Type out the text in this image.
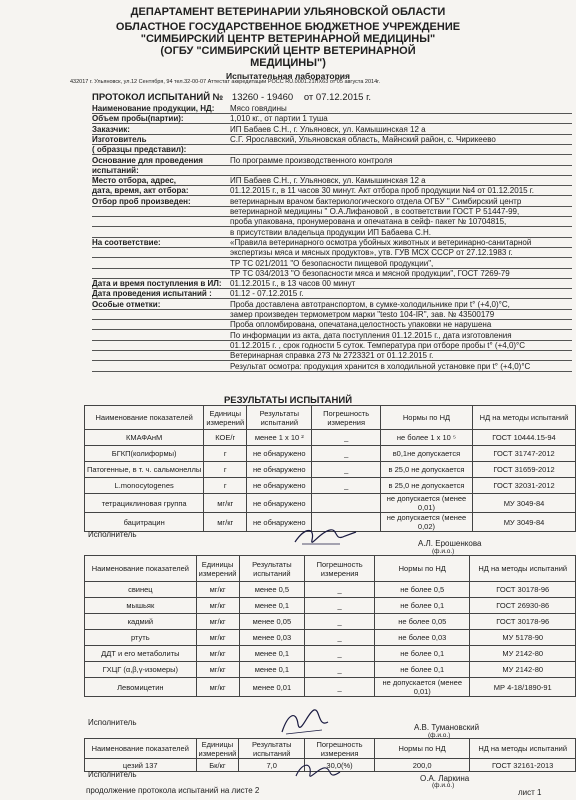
ДЕПАРТАМЕНТ ВЕТЕРИНАРИИ УЛЬЯНОВСКОЙ ОБЛАСТИ
ОБЛАСТНОЕ ГОСУДАРСТВЕННОЕ БЮДЖЕТНОЕ УЧРЕЖДЕНИЕ
"СИМБИРСКИЙ ЦЕНТР ВЕТЕРИНАРНОЙ МЕДИЦИНЫ"
(ОГБУ "СИМБИРСКИЙ ЦЕНТР ВЕТЕРИНАРНОЙ
МЕДИЦИНЫ")
Испытательная лаборатория
432017 г. Ульяновск, ул.12 Сентября, 94 тел.32-00-07 Аттестат аккредитации РОСС RU.0001.21ПХ63 от 05 августа 2014г.
ПРОТОКОЛ ИСПЫТАНИЙ № 13260 - 19460 от 07.12.2015 г.
Наименование продукции, НД: Мясо говядины
Объем пробы(партии):	1,010 кг., от партии 1 туша
Заказчик:	ИП Бабаев С.Н., г. Ульяновск, ул. Камышинская 12 а
Изготовитель	С.Г. Ярославский, Ульяновская область, Майнский район, с. Чирикеево
( образцы представил):
Основание для проведения	По программе производственного контроля
испытаний:
Место отбора, адрес,	ИП Бабаев С.Н., г. Ульяновск, ул. Камышинская 12 а
дата, время, акт отбора:	01.12.2015 г., в 11 часов 30 минут. Акт отбора проб продукции №4 от 01.12.2015 г.
Отбор проб произведен:	ветеринарным врачом бактериологического отдела ОГБУ " Симбирский центр
ветеринарной медицины " О.А.Лифановой , в соответствии ГОСТ Р 51447-99,
проба упакована, пронумерована и опечатана в сейф- пакет № 10704815,
в присутствии владельца продукции ИП Бабаева С.Н.
На соответствие:	«Правила ветеринарного осмотра убойных животных и ветеринарно-санитарной
экспертизы мяса и мясных продуктов», утв. ГУВ МСХ СССР от 27.12.1983 г.
ТР ТС 021/2011 "О безопасности пищевой продукции",
ТР ТС 034/2013 "О безопасности мяса и мясной продукции", ГОСТ 7269-79
Дата и время поступления в ИЛ: 01.12.2015 г., в 13 часов 00 минут
Дата проведения испытаний : 01.12 - 07.12.2015 г.
Особые отметки:	Проба доставлена автотранспортом, в сумке-холодильнике при t° (+4,0)°С,
замер произведен термометром марки "testo 104-IR", зав. № 43500179
Проба опломбирована, опечатана,целостность упаковки не нарушена
По информации из акта, дата поступления 01.12.2015 г., дата изготовления
01.12.2015 г. , срок годности 5 суток. Температура при отборе пробы t° (+4,0)°С
Ветеринарная справка 273 № 2723321 от 01.12.2015 г.
Результат осмотра: продукция хранится в холодильной установке при t° (+4,0)°С
РЕЗУЛЬТАТЫ ИСПЫТАНИЙ
Наименование показателей	Единицы измерений	Результаты испытаний	Погрешность измерения	Нормы по НД	НД на методы испытаний
КМАФАнМ	КОЕ/г	менее 1 х 10 ²	_	не более 1 х 10 ⁵	ГОСТ 10444.15-94
БГКП(колиформы)	г	не обнаружено	_	в0,1не допускается	ГОСТ 31747-2012
Патогенные, в т. ч. сальмонеллы	г	не обнаружено	_	в 25,0 не допускается	ГОСТ 31659-2012
L.monocytogenes	г	не обнаружено	_	в 25,0 не допускается	ГОСТ 32031-2012
тетрациклиновая группа	мг/кг	не обнаружено		не допускается (менее 0,01)	МУ 3049-84
бацитрацин	мг/кг	не обнаружено		не допускается (менее 0,02)	МУ 3049-84
Исполнитель
А.Л. Ерошенкова
(ф.и.о.)
Наименование показателей	Единицы измерений	Результаты испытаний	Погрешность измерения	Нормы по НД	НД на методы испытаний
свинец	мг/кг	менее 0,5	_	не более 0,5	ГОСТ 30178-96
мышьяк	мг/кг	менее 0,1	_	не более 0,1	ГОСТ 26930-86
кадмий	мг/кг	менее 0,05	_	не более 0,05	ГОСТ 30178-96
ртуть	мг/кг	менее 0,03	_	не более 0,03	МУ 5178-90
ДДТ и его метаболиты	мг/кг	менее 0,1	_	не более 0,1	МУ 2142-80
ГХЦГ (α,β,γ-изомеры)	мг/кг	менее 0,1	_	не более 0,1	МУ 2142-80
Левомицетин	мг/кг	менее 0,01	_	не допускается (менее 0,01)	МР 4-18/1890-91
Исполнитель
А.В. Тумановский
(ф.и.о.)
Наименование показателей	Единицы измерений	Результаты испытаний	Погрешность измерения	Нормы по НД	НД на методы испытаний
цезий 137	Бк/кг	7,0	30,0(%)	200,0	ГОСТ 32161-2013
Исполнитель	О.А. Ларкина
(ф.и.о.)
продолжение протокола испытаний на листе 2	лист 1
